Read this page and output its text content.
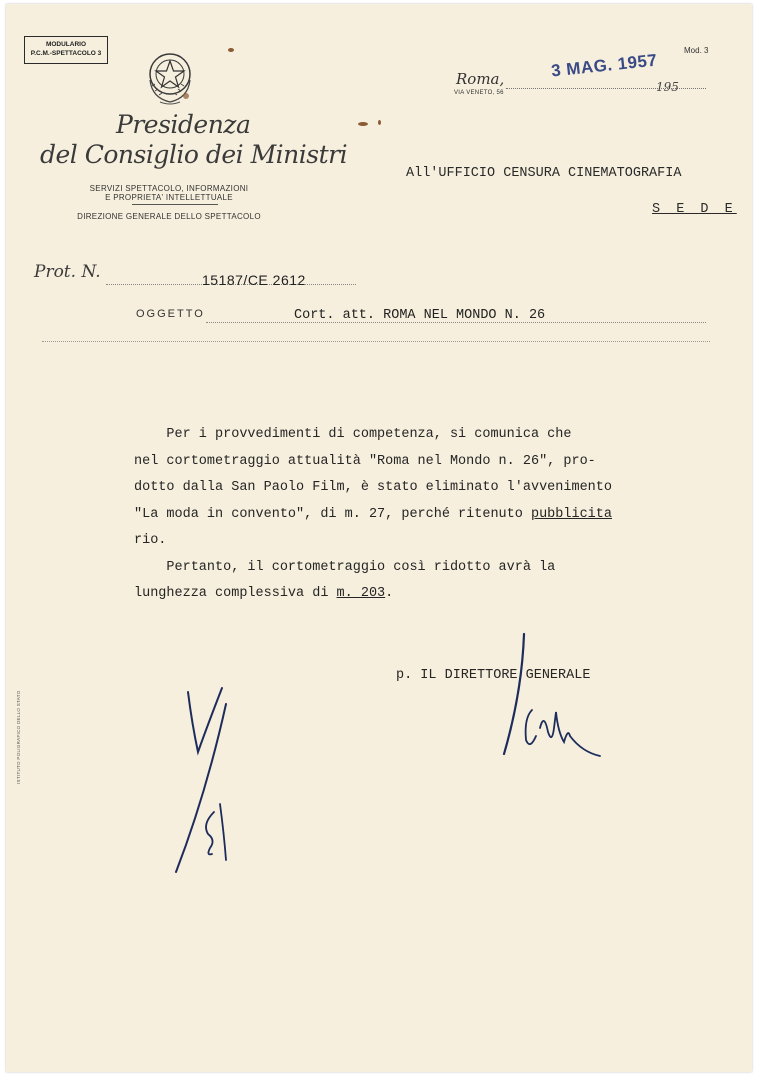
MODULARIO
P.C.M.-SPETTACOLO 3	Mod. 3
Roma,
VIA VENETO, 56
3 MAG. 1957
195
Presidenza
del Consiglio dei Ministri
SERVIZI SPETTACOLO, INFORMAZIONI
E PROPRIETA' INTELLETTUALE
DIREZIONE GENERALE DELLO SPETTACOLO
All'UFFICIO CENSURA CINEMATOGRAFIA
S E D E
Prot. N.	15187/CE 2612
OGGETTO	Cort. att. ROMA NEL MONDO N. 26

Per i provvedimenti di competenza, si comunica che

nel cortometraggio attualità "Roma nel Mondo n. 26", pro-

dotto dalla San Paolo Film, è stato eliminato l'avvenimento

"La moda in convento", di m. 27, perché ritenuto pubblicita

rio.

Pertanto, il cortometraggio così ridotto avrà la

lunghezza complessiva di m. 203.

p. IL DIRETTORE GENERALE
ISTITUTO POLIGRAFICO DELLO STATO
